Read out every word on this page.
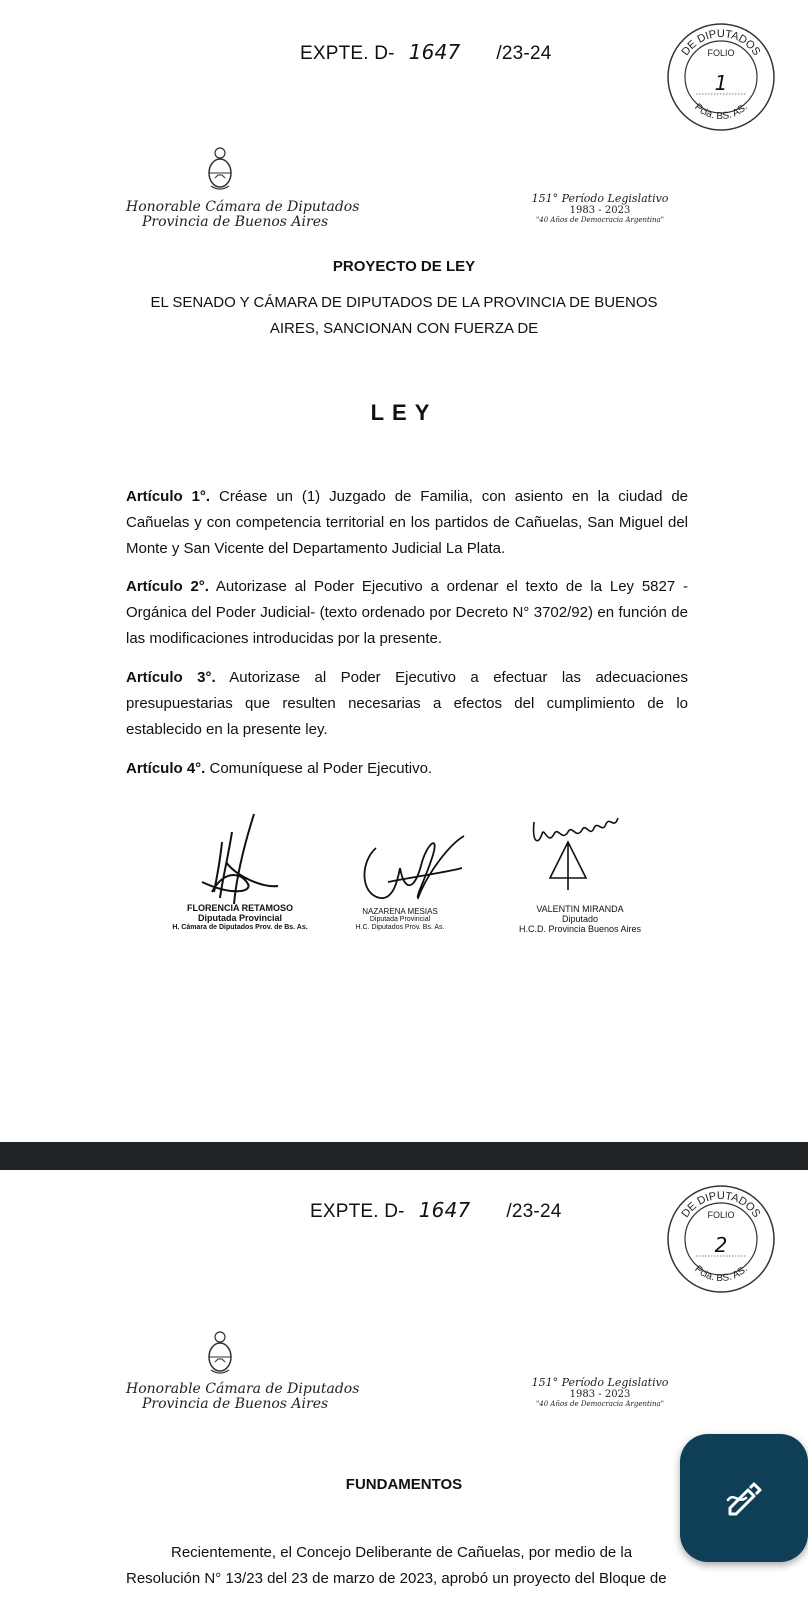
EXPTE. D- 1647 /23-24	DE DIPUTADOS
Pcia. BS. AS.
FOLIO
1
Honorable Cámara de Diputados
Provincia de Buenos Aires
151° Período Legislativo
1983 - 2023
"40 Años de Democracia Argentina"
PROYECTO DE LEY
EL SENADO Y CÁMARA DE DIPUTADOS DE LA PROVINCIA DE BUENOS
AIRES, SANCIONAN CON FUERZA DE
LEY
Artículo 1°. Créase un (1) Juzgado de Familia, con asiento en la ciudad de Cañuelas y con competencia territorial en los partidos de Cañuelas, San Miguel del Monte y San Vicente del Departamento Judicial La Plata.
Artículo 2°. Autorizase al Poder Ejecutivo a ordenar el texto de la Ley 5827 -Orgánica del Poder Judicial- (texto ordenado por Decreto N° 3702/92) en función de las modificaciones introducidas por la presente.
Artículo 3°. Autorizase al Poder Ejecutivo a efectuar las adecuaciones presupuestarias que resulten necesarias a efectos del cumplimiento de lo establecido en la presente ley.
Artículo 4°. Comuníquese al Poder Ejecutivo.
FLORENCIA RETAMOSO
Diputada Provincial
H. Cámara de Diputados Prov. de Bs. As.
NAZARENA MESIAS
Diputada Provincial
H.C. Diputados Prov. Bs. As.
VALENTIN MIRANDA
Diputado
H.C.D. Provincia Buenos Aires
EXPTE. D- 1647 /23-24	DE DIPUTADOS
Pcia. BS. AS.
FOLIO
2
Honorable Cámara de Diputados
Provincia de Buenos Aires
151° Período Legislativo
1983 - 2023
"40 Años de Democracia Argentina"
FUNDAMENTOS
Recientemente, el Concejo Deliberante de Cañuelas, por medio de la
Resolución N° 13/23 del 23 de marzo de 2023, aprobó un proyecto del Bloque de
